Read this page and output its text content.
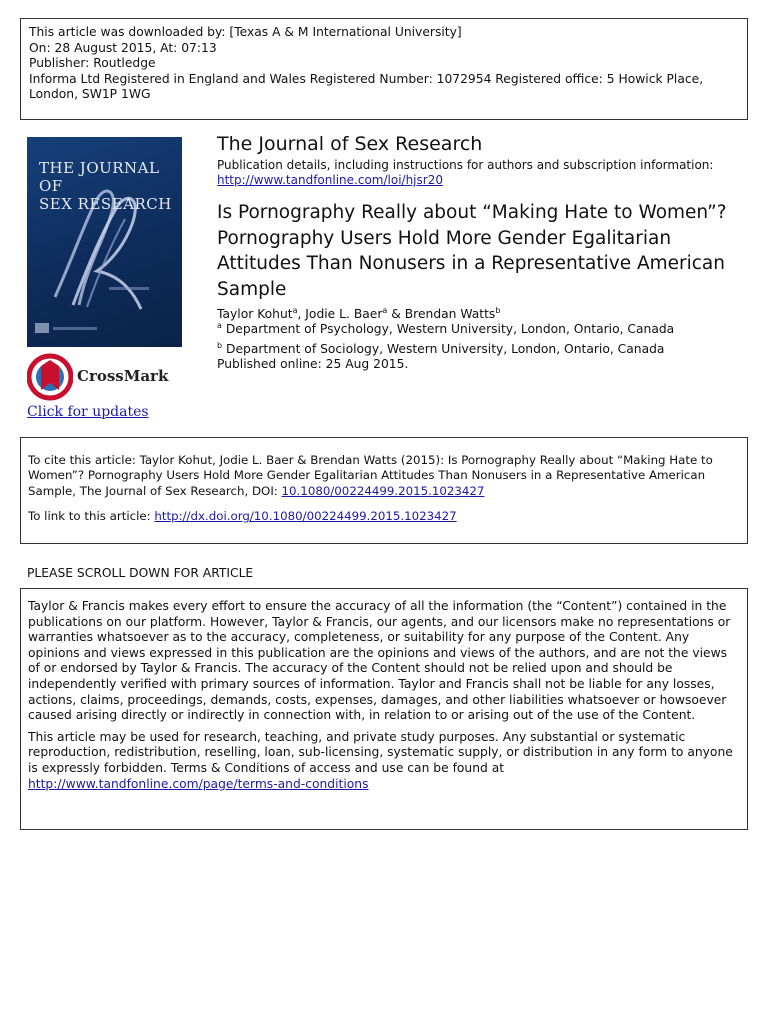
This article was downloaded by: [Texas A & M International University]
On: 28 August 2015, At: 07:13
Publisher: Routledge
Informa Ltd Registered in England and Wales Registered Number: 1072954 Registered office: 5 Howick Place,
London, SW1P 1WG
THE JOURNAL OF
SEX RESEARCH
CrossMark
Click for updates
The Journal of Sex Research
Publication details, including instructions for authors and subscription information:
http://www.tandfonline.com/loi/hjsr20
Is Pornography Really about “Making Hate to Women”? Pornography Users Hold More Gender Egalitarian Attitudes Than Nonusers in a Representative American Sample
Taylor Kohut$^a$, Jodie L. Baer$^a$ & Brendan Watts$^b$
$^a$ Department of Psychology, Western University, London, Ontario, Canada
$^b$ Department of Sociology, Western University, London, Ontario, Canada
Published online: 25 Aug 2015.
To cite this article: Taylor Kohut, Jodie L. Baer & Brendan Watts (2015): Is Pornography Really about “Making Hate to Women”? Pornography Users Hold More Gender Egalitarian Attitudes Than Nonusers in a Representative American Sample, The Journal of Sex Research, DOI: 10.1080/00224499.2015.1023427
To link to this article: http://dx.doi.org/10.1080/00224499.2015.1023427
PLEASE SCROLL DOWN FOR ARTICLE

Taylor & Francis makes every effort to ensure the accuracy of all the information (the “Content”) contained in the publications on our platform. However, Taylor & Francis, our agents, and our licensors make no representations or warranties whatsoever as to the accuracy, completeness, or suitability for any purpose of the Content. Any opinions and views expressed in this publication are the opinions and views of the authors, and are not the views of or endorsed by Taylor & Francis. The accuracy of the Content should not be relied upon and should be independently verified with primary sources of information. Taylor and Francis shall not be liable for any losses, actions, claims, proceedings, demands, costs, expenses, damages, and other liabilities whatsoever or howsoever caused arising directly or indirectly in connection with, in relation to or arising out of the use of the Content.

This article may be used for research, teaching, and private study purposes. Any substantial or systematic reproduction, redistribution, reselling, loan, sub-licensing, systematic supply, or distribution in any form to anyone is expressly forbidden. Terms & Conditions of access and use can be found at http://www.tandfonline.com/page/terms-and-conditions
